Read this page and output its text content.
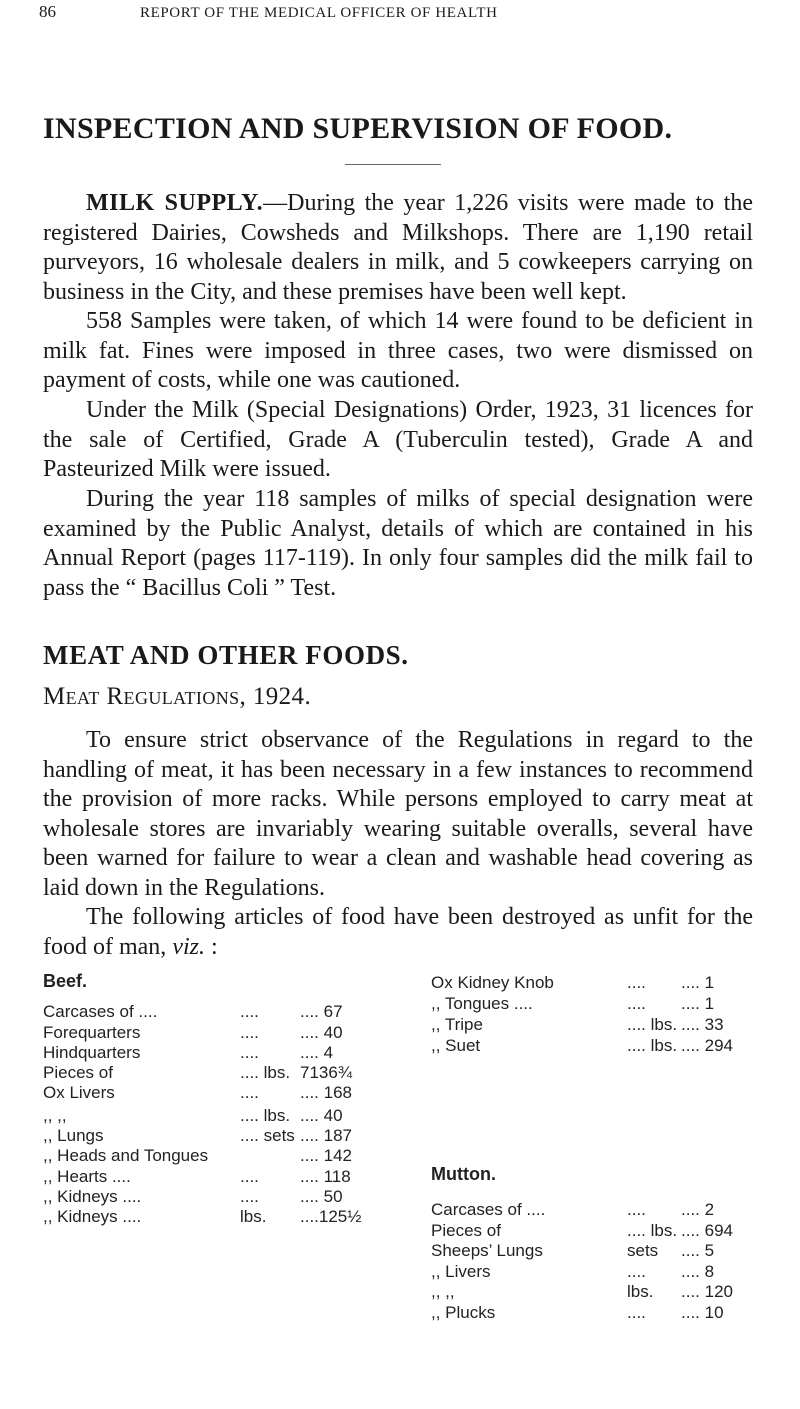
86	REPORT OF THE MEDICAL OFFICER OF HEALTH
INSPECTION AND SUPERVISION OF FOOD.

MILK SUPPLY.—During the year 1,226 visits were made to the registered Dairies, Cowsheds and Milkshops. There are 1,190 retail purveyors, 16 wholesale dealers in milk, and 5 cowkeepers carrying on business in the City, and these premises have been well kept.

558 Samples were taken, of which 14 were found to be deficient in milk fat. Fines were imposed in three cases, two were dismissed on payment of costs, while one was cautioned.

Under the Milk (Special Designations) Order, 1923, 31 licences for the sale of Certified, Grade A (Tuberculin tested), Grade A and Pasteurized Milk were issued.

During the year 118 samples of milks of special designation were examined by the Public Analyst, details of which are contained in his Annual Report (pages 117-119). In only four samples did the milk fail to pass the “ Bacillus Coli ” Test.

MEAT AND OTHER FOODS.
Meat Regulations, 1924.

To ensure strict observance of the Regulations in regard to the handling of meat, it has been necessary in a few instances to recommend the provision of more racks. While persons employed to carry meat at wholesale stores are invariably wearing suitable overalls, several have been warned for failure to wear a clean and washable head covering as laid down in the Regulations.

The following articles of food have been destroyed as unfit for the food of man, viz. :

Beef.
Carcases of ....	.... .... 67
Forequarters	.... .... 40
Hindquarters	.... .... 4
Pieces of	.... lbs. 7136¾
Ox Livers	.... .... 168
,, ,,	.... lbs. .... 40
,, Lungs	.... sets .... 187
,, Heads and Tongues	.... 142
,, Hearts ....	.... .... 118
,, Kidneys ....	.... .... 50
,, Kidneys ....	lbs. ....125½
Ox Kidney Knob	.... .... 1
,, Tongues ....	.... .... 1
,, Tripe	.... lbs. .... 33
,, Suet	.... lbs. .... 294
Mutton.
Carcases of ....	.... .... 2
Pieces of	.... lbs. .... 694
Sheeps’ Lungs	sets .... 5
,, Livers	.... .... 8
,, ,,	lbs. .... 120
,, Plucks	.... .... 10
